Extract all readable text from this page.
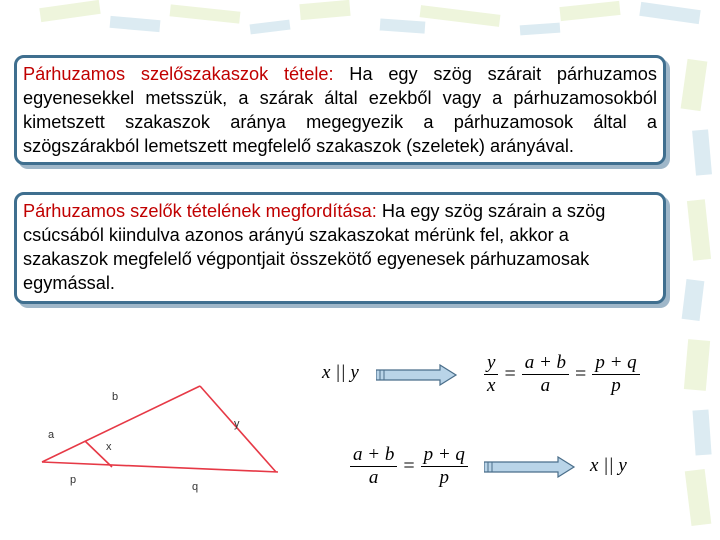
Párhuzamos szelőszakaszok tétele: Ha egy szög szárait párhuzamos egyenesekkel metsszük, a szárak által ezekből vagy a párhuzamosokból kimetszett szakaszok aránya megegyezik a párhuzamosok által a szögszárakból lemetszett megfelelő szakaszok (szeletek) arányával.
Párhuzamos szelők tételének megfordítása: Ha egy szög szárain a szög csúcsából kiindulva azonos arányú szakaszokat mérünk fel, akkor a szakaszok megfelelő végpontjait összekötő egyenesek párhuzamosak egymással.
a
b
x
y
p
q
x || y	$\frac{y}{x} = \frac{a + b}{a} = \frac{p + q}{p}$
$\frac{a + b}{a} = \frac{p + q}{p}$	x || y
